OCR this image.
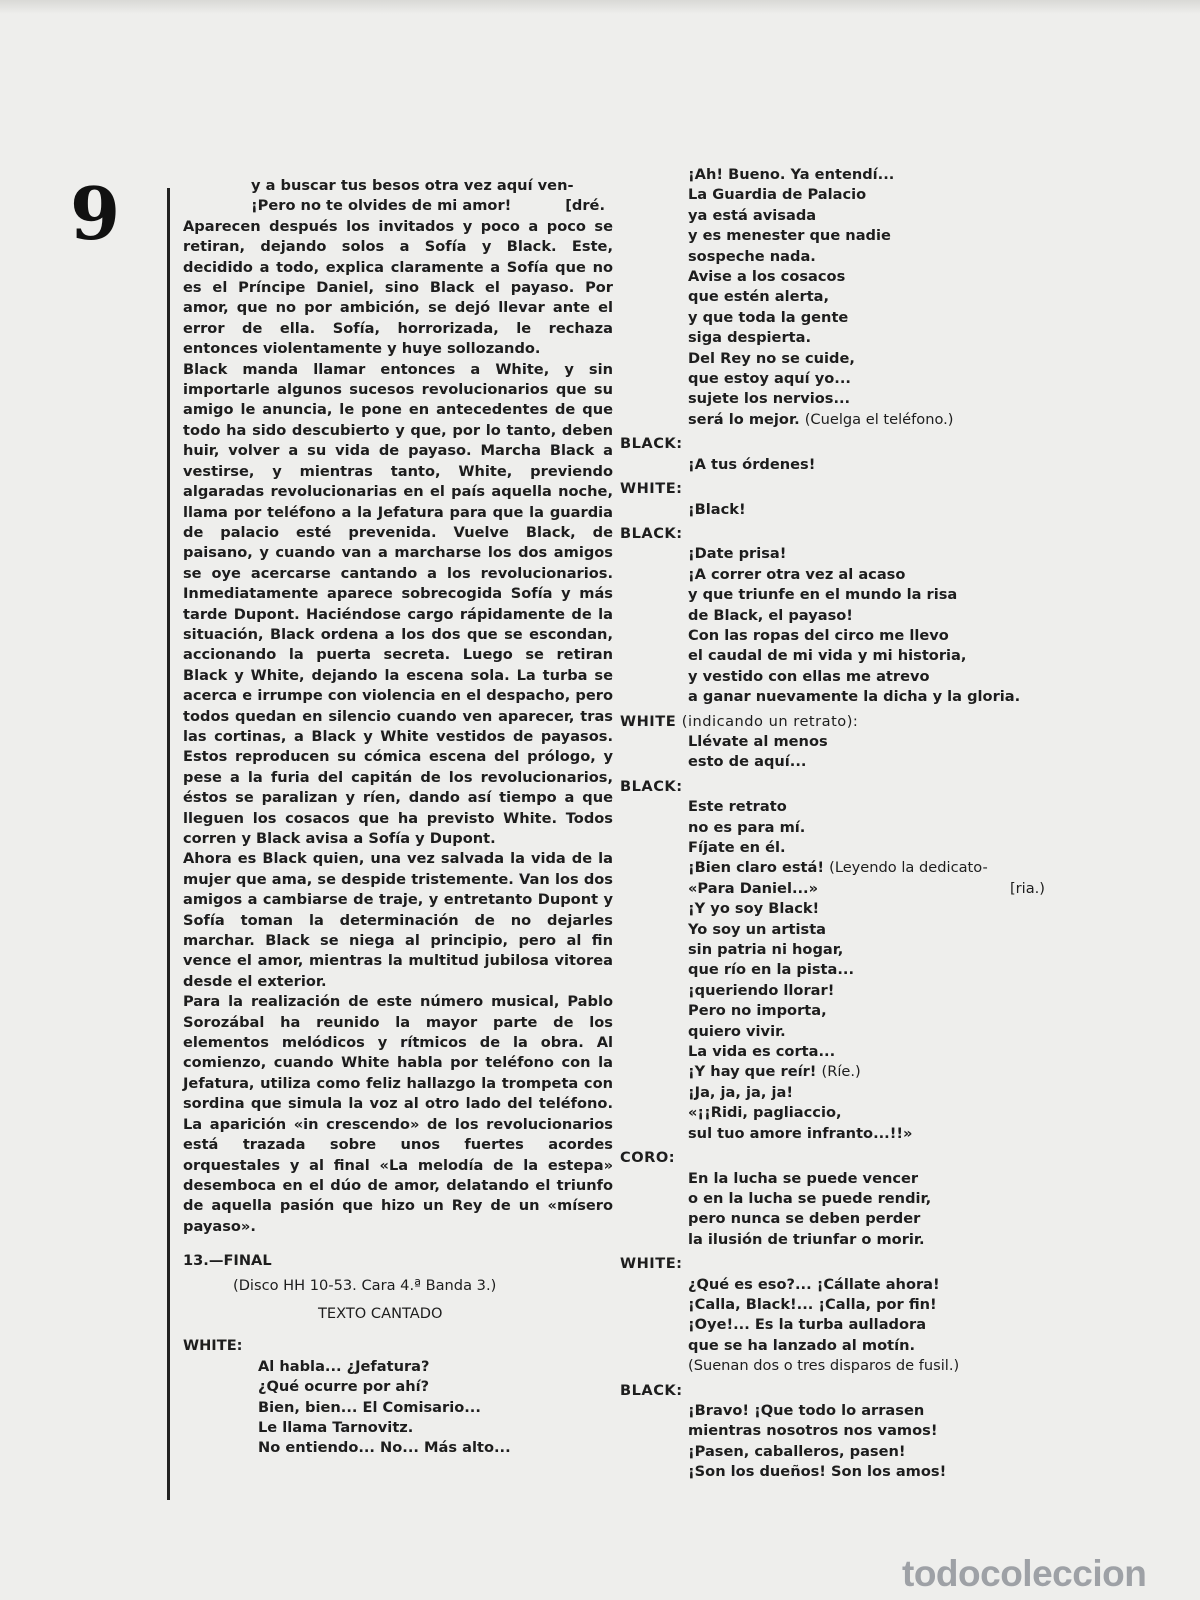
9	y a buscar tus besos otra vez aquí ven-
¡Pero no te olvides de mi amor!	[dré.

Aparecen después los invitados y poco a poco se retiran, dejando solos a Sofía y Black. Este, decidido a todo, explica claramente a Sofía que no es el Príncipe Daniel, sino Black el payaso. Por amor, que no por ambición, se dejó llevar ante el error de ella. Sofía, horrorizada, le rechaza entonces violentamente y huye sollozando.

Black manda llamar entonces a White, y sin importarle algunos sucesos revolucionarios que su amigo le anuncia, le pone en antecedentes de que todo ha sido descubierto y que, por lo tanto, deben huir, volver a su vida de payaso. Marcha Black a vestirse, y mientras tanto, White, previendo algaradas revolucionarias en el país aquella noche, llama por teléfono a la Jefatura para que la guardia de palacio esté prevenida. Vuelve Black, de paisano, y cuando van a marcharse los dos amigos se oye acercarse cantando a los revolucionarios. Inmediatamente aparece sobrecogida Sofía y más tarde Dupont. Haciéndose cargo rápidamente de la situación, Black ordena a los dos que se escondan, accionando la puerta secreta. Luego se retiran Black y White, dejando la escena sola. La turba se acerca e irrumpe con violencia en el despacho, pero todos quedan en silencio cuando ven aparecer, tras las cortinas, a Black y White vestidos de payasos. Estos reproducen su cómica escena del prólogo, y pese a la furia del capitán de los revolucionarios, éstos se paralizan y ríen, dando así tiempo a que lleguen los cosacos que ha previsto White. Todos corren y Black avisa a Sofía y Dupont.

Ahora es Black quien, una vez salvada la vida de la mujer que ama, se despide tristemente. Van los dos amigos a cambiarse de traje, y entretanto Dupont y Sofía toman la determinación de no dejarles marchar. Black se niega al principio, pero al fin vence el amor, mientras la multitud jubilosa vitorea desde el exterior.

Para la realización de este número musical, Pablo Sorozábal ha reunido la mayor parte de los elementos melódicos y rítmicos de la obra. Al comienzo, cuando White habla por teléfono con la Jefatura, utiliza como feliz hallazgo la trompeta con sordina que simula la voz al otro lado del teléfono. La aparición «in crescendo» de los revolucionarios está trazada sobre unos fuertes acordes orquestales y al final «La melodía de la estepa» desemboca en el dúo de amor, delatando el triunfo de aquella pasión que hizo un Rey de un «mísero payaso».

13.—FINAL
(Disco HH 10-53. Cara 4.ª Banda 3.)
TEXTO CANTADO
WHITE:
Al habla... ¿Jefatura?
¿Qué ocurre por ahí?
Bien, bien... El Comisario...
Le llama Tarnovitz.
No entiendo... No... Más alto...
¡Ah! Bueno. Ya entendí...
La Guardia de Palacio
ya está avisada
y es menester que nadie
sospeche nada.
Avise a los cosacos
que estén alerta,
y que toda la gente
siga despierta.
Del Rey no se cuide,
que estoy aquí yo...
sujete los nervios...
será lo mejor. (Cuelga el teléfono.)
BLACK:
¡A tus órdenes!
WHITE:
¡Black!
BLACK:
¡Date prisa!
¡A correr otra vez al acaso
y que triunfe en el mundo la risa
de Black, el payaso!
Con las ropas del circo me llevo
el caudal de mi vida y mi historia,
y vestido con ellas me atrevo
a ganar nuevamente la dicha y la gloria.
WHITE (indicando un retrato):
Llévate al menos
esto de aquí...
BLACK:
Este retrato
no es para mí.
Fíjate en él.
¡Bien claro está! (Leyendo la dedicato-
«Para Daniel...»	[ria.)
¡Y yo soy Black!
Yo soy un artista
sin patria ni hogar,
que río en la pista...
¡queriendo llorar!
Pero no importa,
quiero vivir.
La vida es corta...
¡Y hay que reír! (Ríe.)
¡Ja, ja, ja, ja!
«¡¡Ridi, pagliaccio,
sul tuo amore infranto...!!»
CORO:
En la lucha se puede vencer
o en la lucha se puede rendir,
pero nunca se deben perder
la ilusión de triunfar o morir.
WHITE:
¿Qué es eso?... ¡Cállate ahora!
¡Calla, Black!... ¡Calla, por fin!
¡Oye!... Es la turba aulladora
que se ha lanzado al motín.
(Suenan dos o tres disparos de fusil.)
BLACK:
¡Bravo! ¡Que todo lo arrasen
mientras nosotros nos vamos!
¡Pasen, caballeros, pasen!
¡Son los dueños! Son los amos!
todocoleccion
